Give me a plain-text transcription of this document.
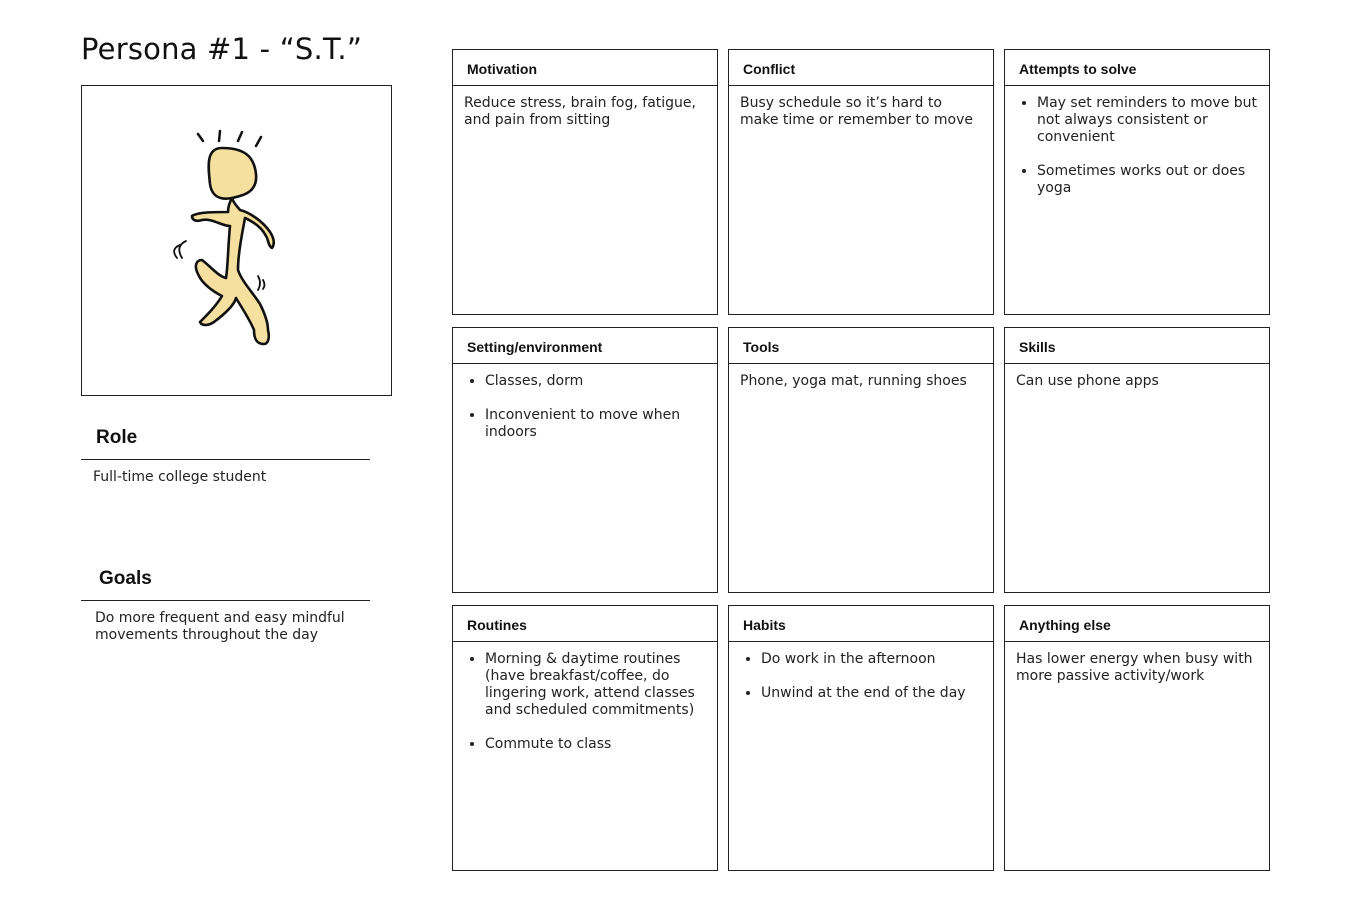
Persona #1 - “S.T.”
Role
Full-time college student
Goals
Do more frequent and easy mindful movements throughout the day
Motivation

Reduce stress, brain fog, fatigue, and pain from sitting

Conflict

Busy schedule so it’s hard to make time or remember to move

Attempts to solve
• May set reminders to move but not always consistent or convenient
• Sometimes works out or does yoga
Setting/environment
• Classes, dorm
• Inconvenient to move when indoors
Tools

Phone, yoga mat, running shoes

Skills

Can use phone apps

Routines
• Morning & daytime routines (have breakfast/coffee, do lingering work, attend classes and scheduled commitments)
• Commute to class
Habits
• Do work in the afternoon
• Unwind at the end of the day
Anything else

Has lower energy when busy with more passive activity/work
